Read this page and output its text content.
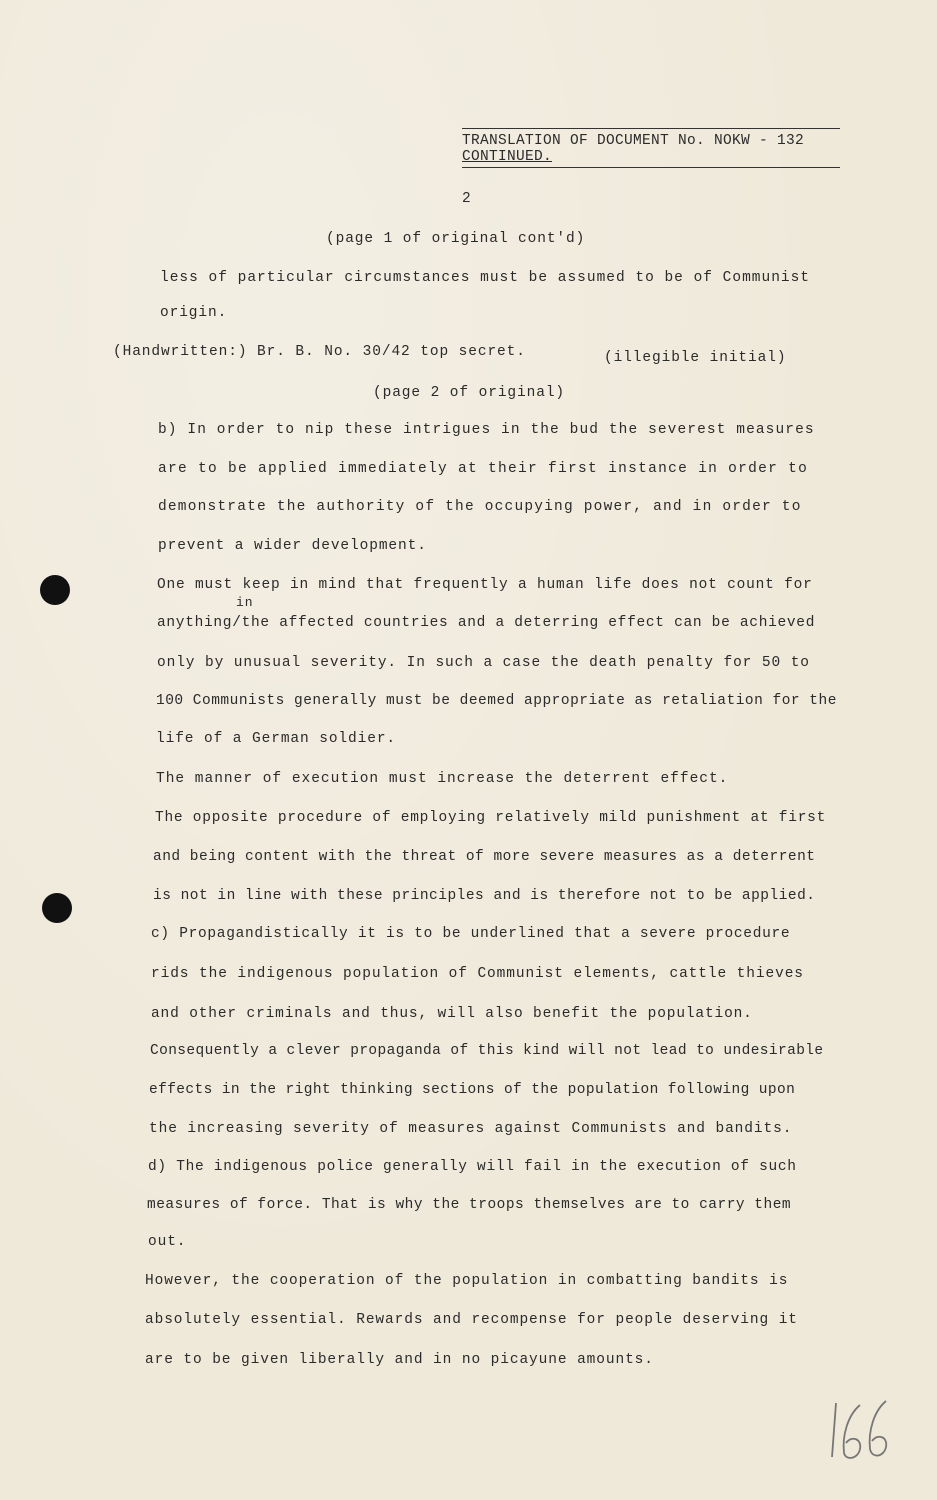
TRANSLATION OF DOCUMENT No. NOKW - 132
CONTINUED.
2
(page 1 of original cont'd)
less of particular circumstances must be assumed to be of Communist
origin.
(Handwritten:) Br. B. No. 30/42 top secret.	(illegible initial)
(page 2 of original)
b) In order to nip these intrigues in the bud the severest measures
are to be applied immediately at their first instance in order to
demonstrate the authority of the occupying power, and in order to
prevent a wider development.
One must keep in mind that frequently a human life does not count for
in
anything/the affected countries and a deterring effect can be achieved
only by unusual severity. In such a case the death penalty for 50 to
100 Communists generally must be deemed appropriate as retaliation for the
life of a German soldier.
The manner of execution must increase the deterrent effect.
The opposite procedure of employing relatively mild punishment at first
and being content with the threat of more severe measures as a deterrent
is not in line with these principles and is therefore not to be applied.
c) Propagandistically it is to be underlined that a severe procedure
rids the indigenous population of Communist elements, cattle thieves
and other criminals and thus, will also benefit the population.
Consequently a clever propaganda of this kind will not lead to undesirable
effects in the right thinking sections of the population following upon
the increasing severity of measures against Communists and bandits.
d) The indigenous police generally will fail in the execution of such
measures of force. That is why the troops themselves are to carry them
out.
However, the cooperation of the population in combatting bandits is
absolutely essential. Rewards and recompense for people deserving it
are to be given liberally and in no picayune amounts.
